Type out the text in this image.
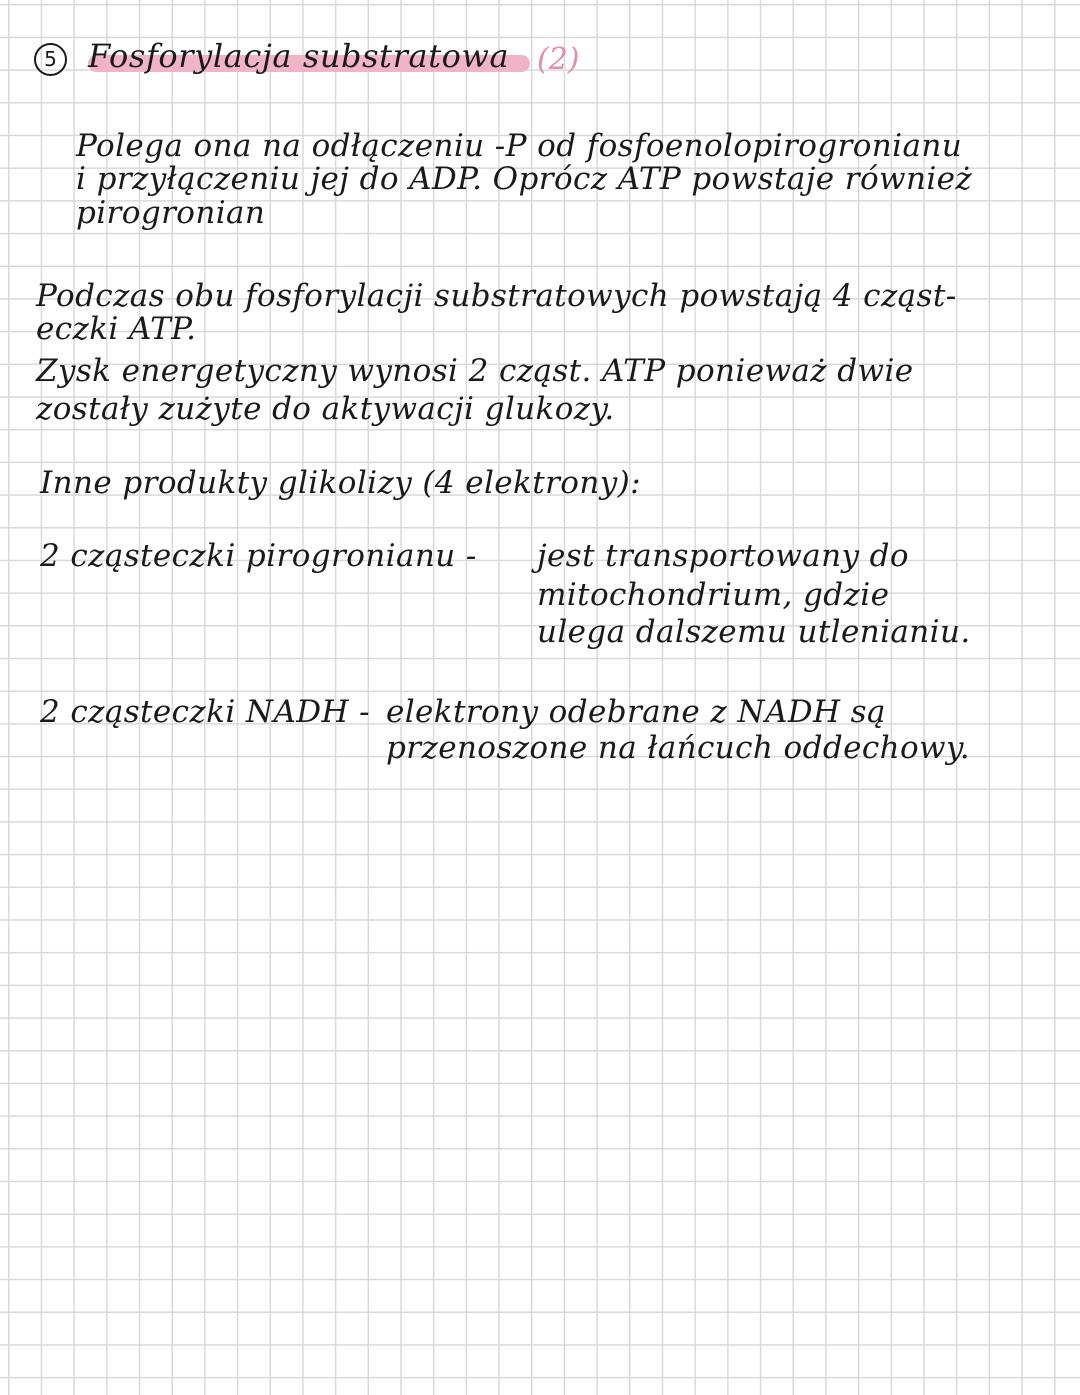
5 Fosforylacja substratowa (2)

Polega ona na odłączeniu -P od fosfoenolopirogronianu

i przyłączeniu jej do ADP. Oprócz ATP powstaje również

pirogronian

Podczas obu fosforylacji substratowych powstają 4 cząst-

eczki ATP.

Zysk energetyczny wynosi 2 cząst. ATP ponieważ dwie

zostały zużyte do aktywacji glukozy.

Inne produkty glikolizy (4 elektrony):

2 cząsteczki pirogronianu - jest transportowany do

mitochondrium, gdzie

ulega dalszemu utlenianiu.

2 cząsteczki NADH - elektrony odebrane z NADH są

przenoszone na łańcuch oddechowy.
